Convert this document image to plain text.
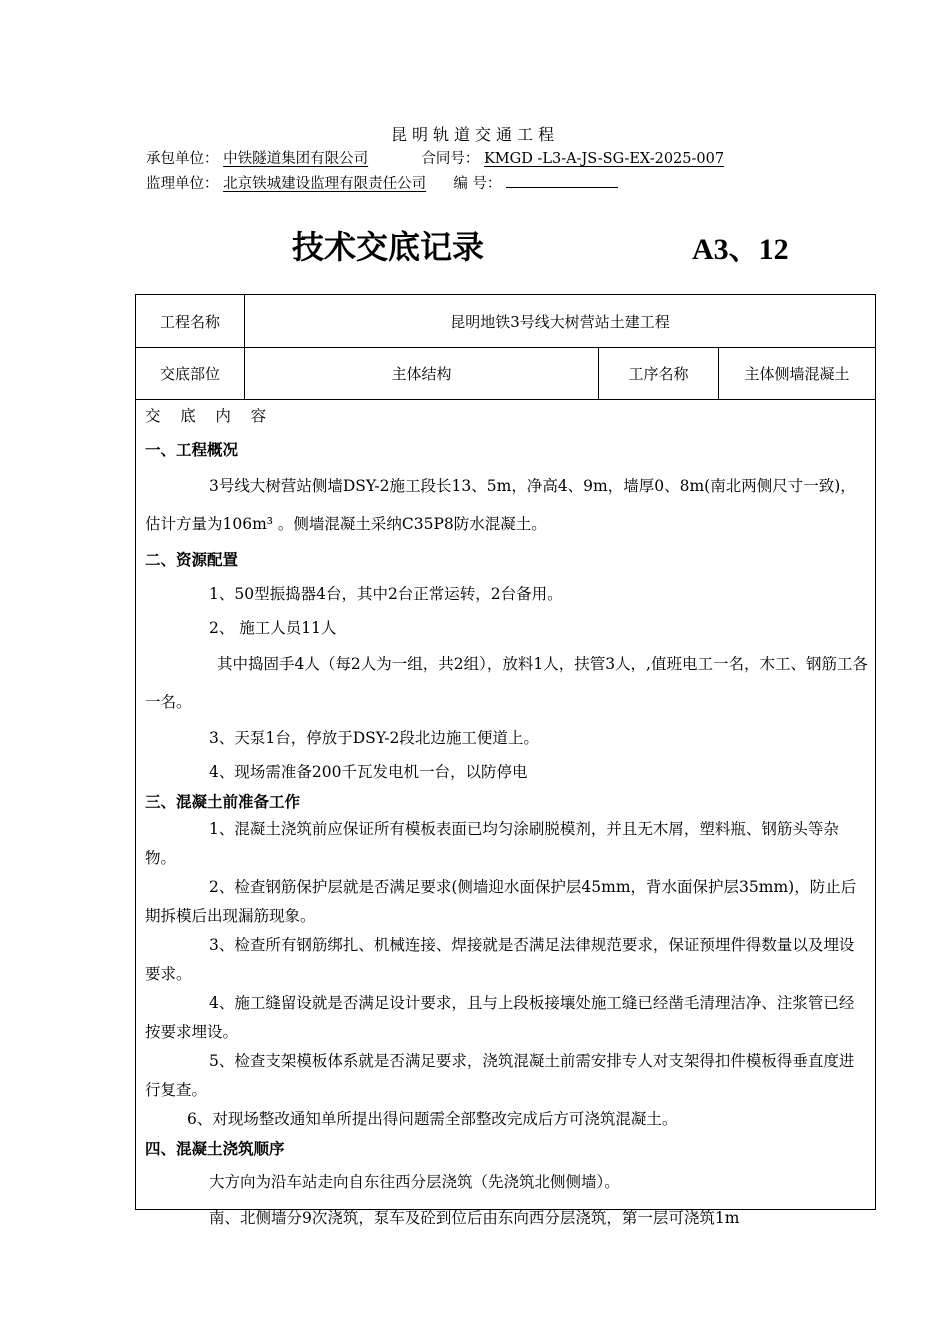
昆明轨道交通工程
承包单位： 中铁隧道集团有限公司	合同号： KMGD -L3-A-JS-SG-EX-2025-007
监理单位： 北京铁城建设监理有限责任公司 编 号：
技术交底记录	A3、12
工程名称	昆明地铁3号线大树营站土建工程
交底部位	主体结构	工序名称	主体侧墙混凝土

交    底    内    容

一、工程概况

3号线大树营站侧墙DSY-2施工段长13、5m，净高4、9m，墙厚0、8m(南北两侧尺寸一致)，估计方量为106m³ 。侧墙混凝土采纳C35P8防水混凝土。

二、资源配置

1、50型振捣器4台，其中2台正常运转，2台备用。

2、 施工人员11人

其中捣固手4人（每2人为一组，共2组），放料1人，扶管3人，,值班电工一名，木工、钢筋工各一名。

3、天泵1台，停放于DSY-2段北边施工便道上。

4、现场需准备200千瓦发电机一台，以防停电

三、混凝土前准备工作

1、混凝土浇筑前应保证所有模板表面已均匀涂刷脱模剂，并且无木屑，塑料瓶、钢筋头等杂物。

2、检查钢筋保护层就是否满足要求(侧墙迎水面保护层45mm，背水面保护层35mm)，防止后期拆模后出现漏筋现象。

3、检查所有钢筋绑扎、机械连接、焊接就是否满足法律规范要求，保证预埋件得数量以及埋设要求。

4、施工缝留设就是否满足设计要求，且与上段板接壤处施工缝已经凿毛清理洁净、注浆管已经按要求埋设。

5、检查支架模板体系就是否满足要求，浇筑混凝土前需安排专人对支架得扣件模板得垂直度进行复查。

6、对现场整改通知单所提出得问题需全部整改完成后方可浇筑混凝土。

四、混凝土浇筑顺序

大方向为沿车站走向自东往西分层浇筑（先浇筑北侧侧墙）。

南、北侧墙分9次浇筑，泵车及砼到位后由东向西分层浇筑，第一层可浇筑1m
